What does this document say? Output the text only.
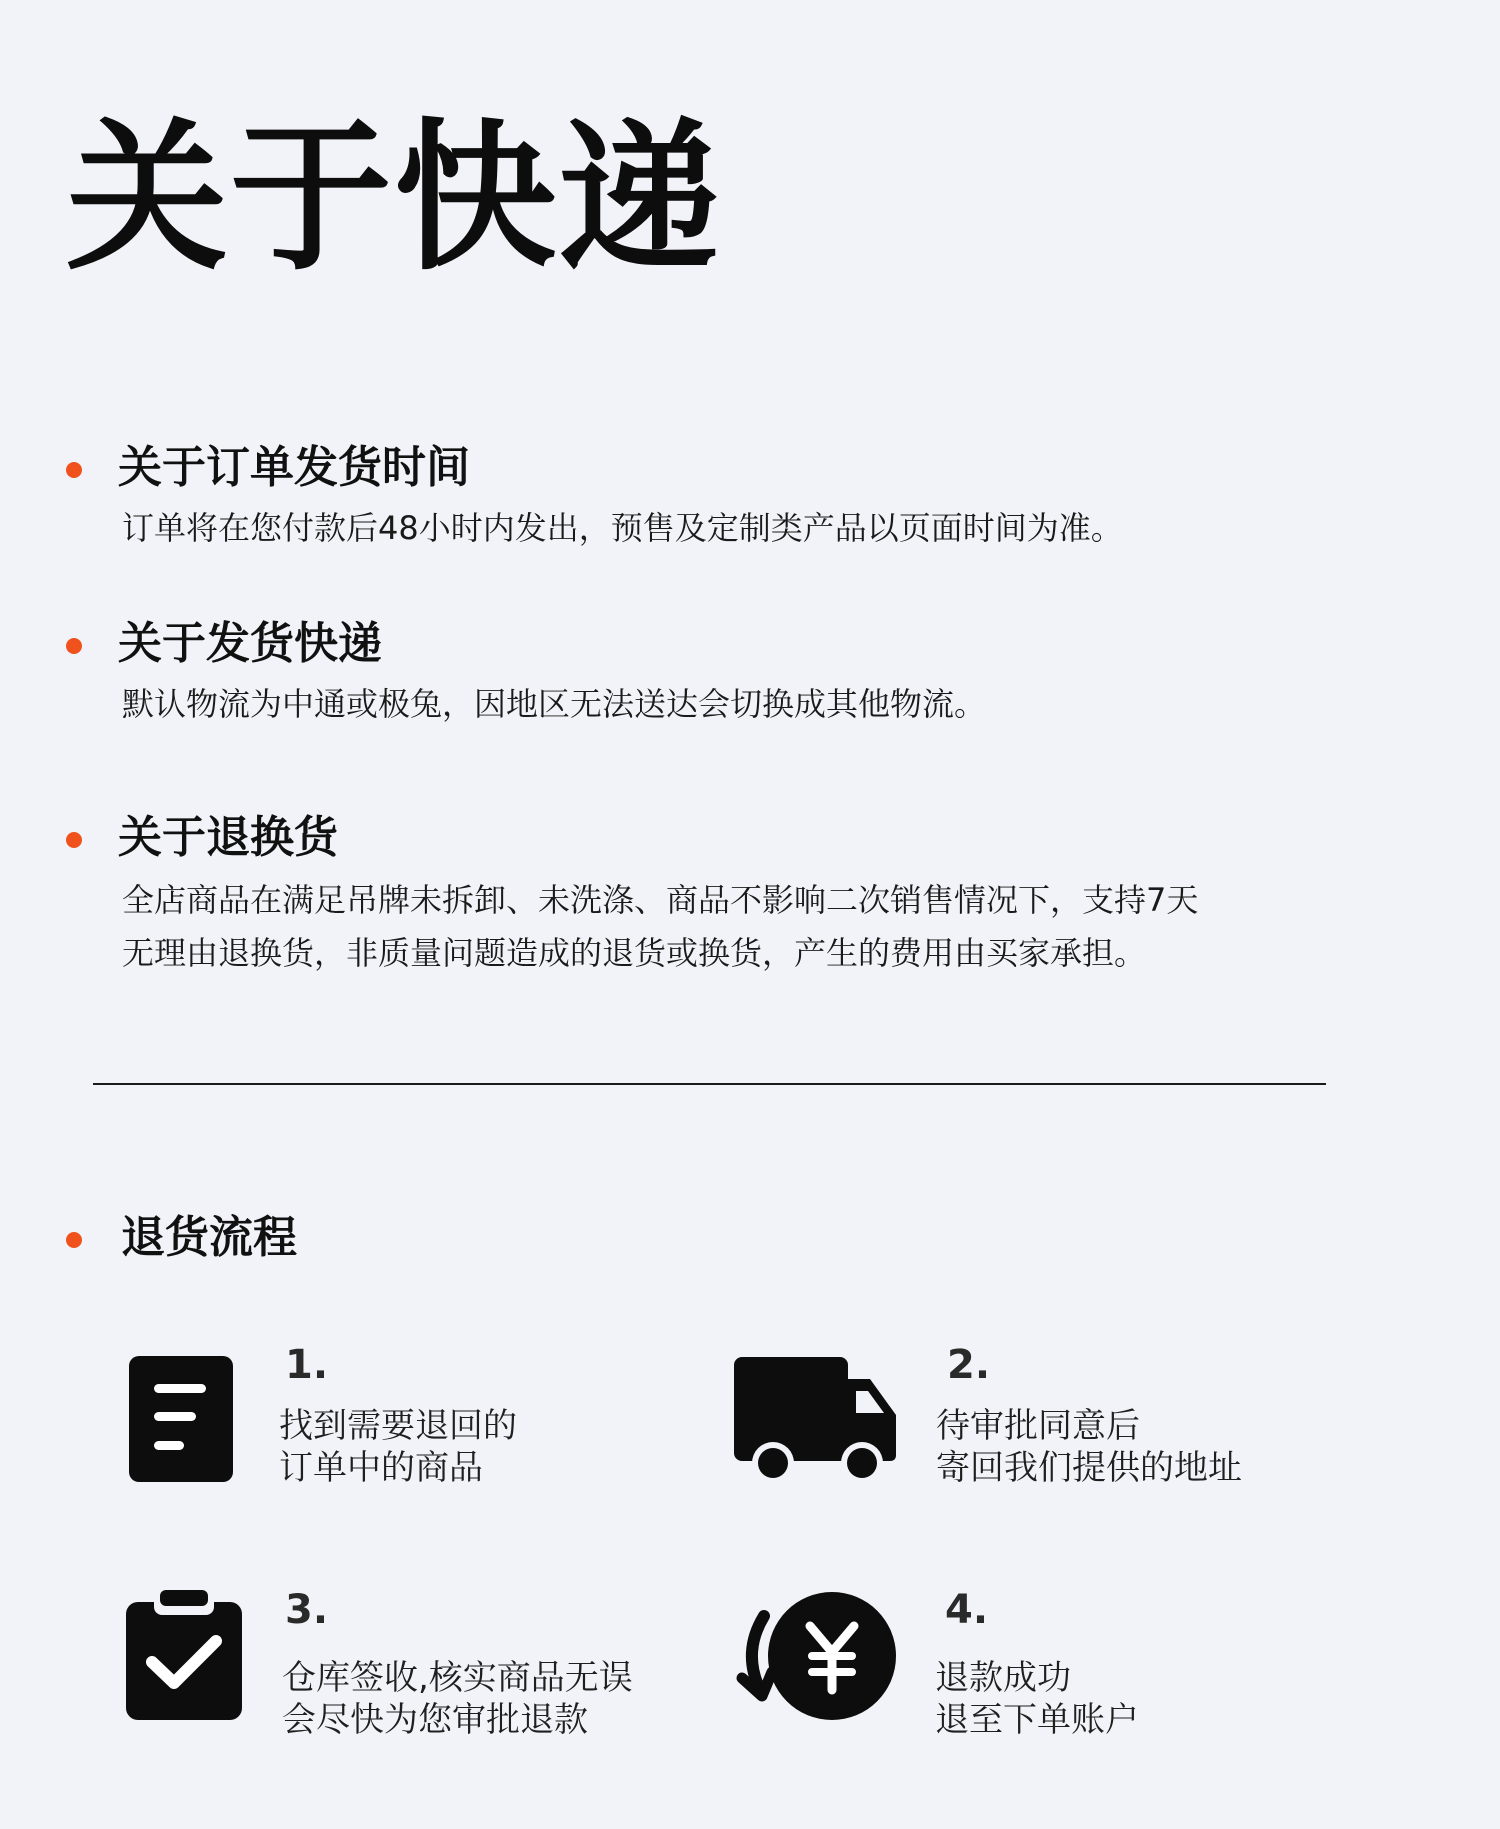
关于快递
关于订单发货时间

订单将在您付款后48小时内发出，预售及定制类产品以页面时间为准。

关于发货快递

默认物流为中通或极兔，因地区无法送达会切换成其他物流。

关于退换货

全店商品在满足吊牌未拆卸、未洗涤、商品不影响二次销售情况下，支持7天
无理由退换货，非质量问题造成的退货或换货，产生的费用由买家承担。

退货流程
1.
找到需要退回的
订单中的商品
2.
待审批同意后
寄回我们提供的地址
3.
仓库签收,核实商品无误
会尽快为您审批退款
4.
退款成功
退至下单账户
